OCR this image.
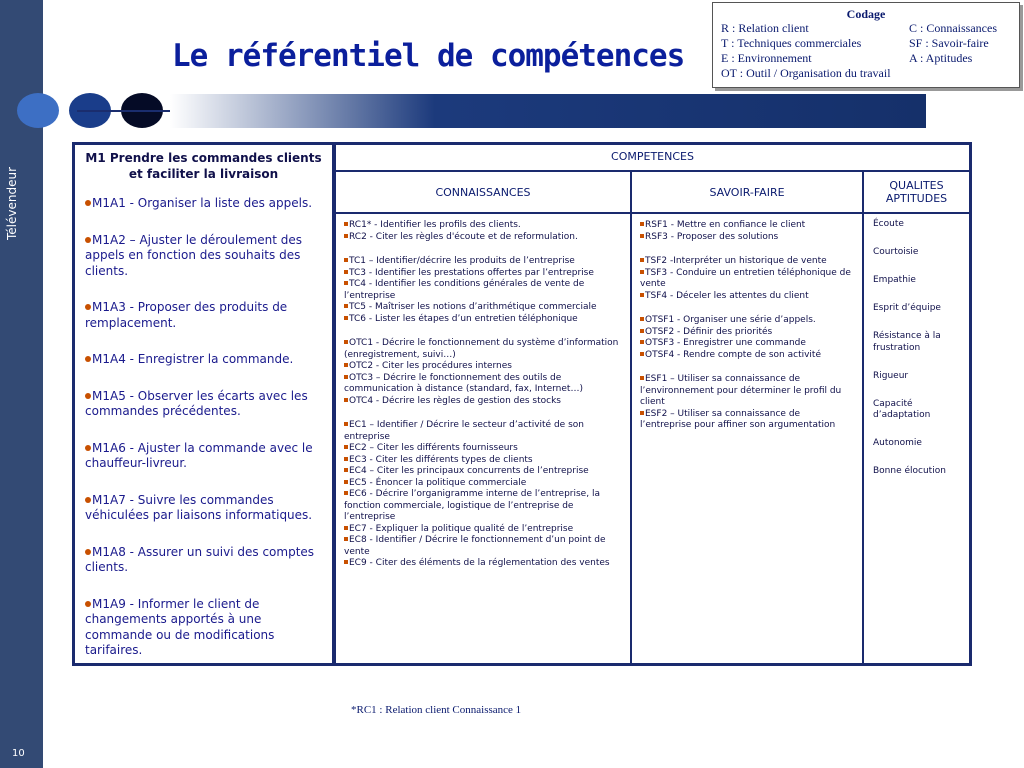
Télévendeur
10
Le référentiel de compétences
Codage
R : Relation client	C : Connaissances
T : Techniques commerciales	SF : Savoir-faire
E : Environnement	A : Aptitudes
OT : Outil / Organisation du travail
M1 Prendre les commandes clients et faciliter la livraison
M1A1 - Organiser la liste des appels.
M1A2 – Ajuster le déroulement des appels en fonction des souhaits des clients.
M1A3 - Proposer des produits de remplacement.
M1A4 - Enregistrer la commande.
M1A5 - Observer les écarts avec les commandes précédentes.
M1A6 - Ajuster la commande avec le chauffeur-livreur.
M1A7 - Suivre les commandes véhiculées par liaisons informatiques.
M1A8 - Assurer un suivi des comptes clients.
M1A9 - Informer le client de changements apportés à une commande ou de modifications tarifaires.
COMPETENCES
CONNAISSANCES
RC1* - Identifier les profils des clients.
RC2 - Citer les règles d'écoute et de reformulation.
TC1 – Identifier/décrire les produits de l’entreprise
TC3 - Identifier les prestations offertes par l’entreprise
TC4 - Identifier les conditions générales de vente de l’entreprise
TC5 - Maîtriser les notions d’arithmétique commerciale
TC6 - Lister les étapes d’un entretien téléphonique
OTC1 - Décrire le fonctionnement du système d’information (enregistrement, suivi…)
OTC2 - Citer les procédures internes
OTC3 – Décrire le fonctionnement des outils de communication à distance (standard, fax, Internet…)
OTC4 - Décrire les règles de gestion des stocks
EC1 – Identifier / Décrire le secteur d’activité de son entreprise
EC2 – Citer les différents fournisseurs
EC3 - Citer les différents types de clients
EC4 – Citer les principaux concurrents de l’entreprise
EC5 - Énoncer la politique commerciale
EC6 - Décrire l’organigramme interne de l’entreprise, la fonction commerciale, logistique de l’entreprise de l’entreprise
EC7 - Expliquer la politique qualité de l’entreprise
EC8 - Identifier / Décrire le fonctionnement d’un point de vente
EC9 - Citer des éléments de la réglementation des ventes
SAVOIR-FAIRE
RSF1 - Mettre en confiance le client
RSF3 - Proposer des solutions
TSF2 -Interpréter un historique de vente
TSF3 - Conduire un entretien téléphonique de vente
TSF4 - Déceler les attentes du client
OTSF1 - Organiser une série d’appels.
OTSF2 - Définir des priorités
OTSF3 - Enregistrer une commande
OTSF4 - Rendre compte de son activité
ESF1 – Utiliser sa connaissance de l’environnement pour déterminer le profil du client
ESF2 – Utiliser sa connaissance de l’entreprise pour affiner son argumentation
QUALITES APTITUDES
Écoute
Courtoisie
Empathie
Esprit d’équipe
Résistance à la frustration
Rigueur
Capacité d’adaptation
Autonomie
Bonne élocution
*RC1 : Relation client Connaissance 1
